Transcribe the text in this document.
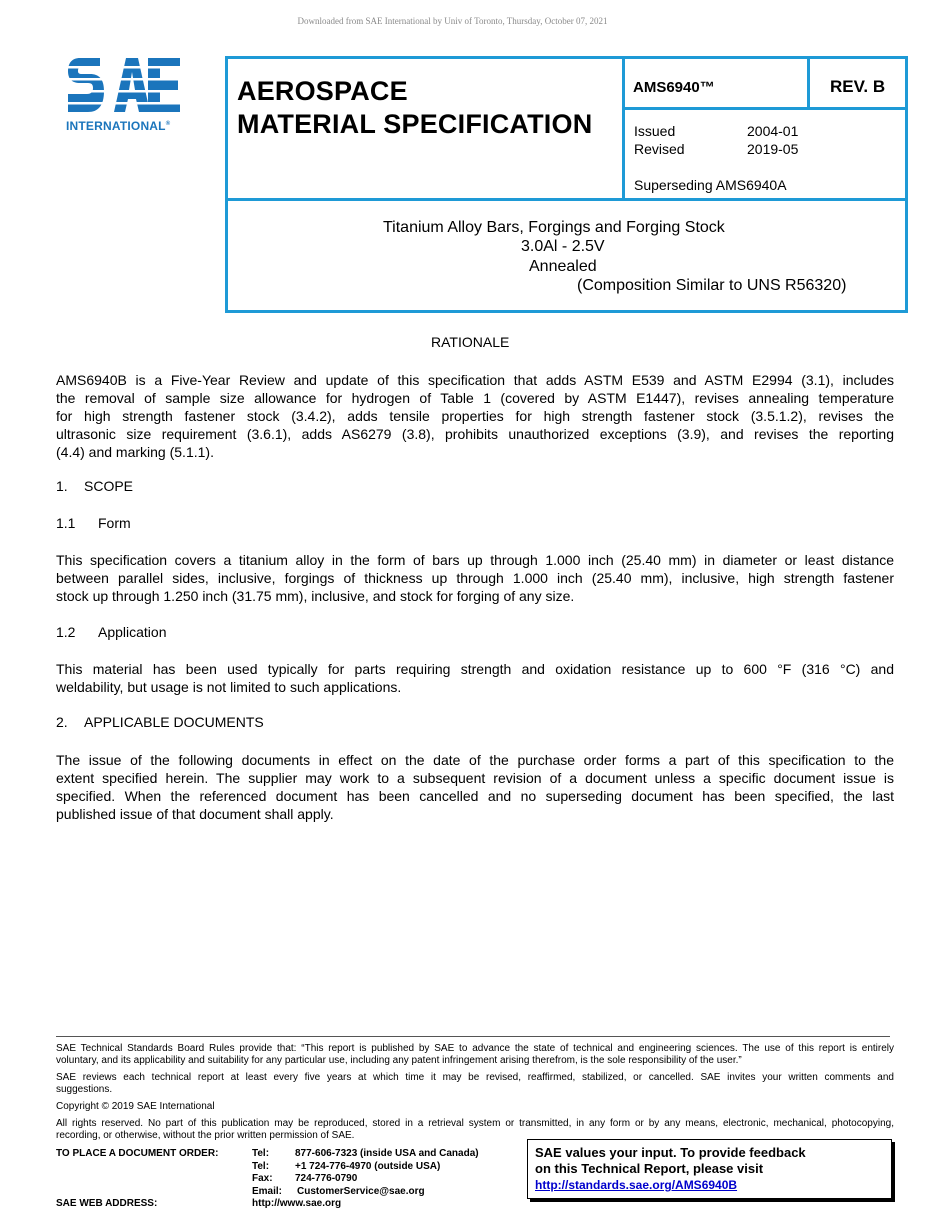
Downloaded from SAE International by Univ of Toronto, Thursday, October 07, 2021
INTERNATIONAL®
AEROSPACE
MATERIAL SPECIFICATION
AMS6940™	REV. B
Issued	2004-01
Revised	2019-05
Superseding AMS6940A
Titanium Alloy Bars, Forgings and Forging Stock
3.0Al - 2.5V
Annealed
(Composition Similar to UNS R56320)
RATIONALE
AMS6940B is a Five-Year Review and update of this specification that adds ASTM E539 and ASTM E2994 (3.1), includes
the removal of sample size allowance for hydrogen of Table 1 (covered by ASTM E1447), revises annealing temperature
for high strength fastener stock (3.4.2), adds tensile properties for high strength fastener stock (3.5.1.2), revises the
ultrasonic size requirement (3.6.1), adds AS6279 (3.8), prohibits unauthorized exceptions (3.9), and revises the reporting
(4.4) and marking (5.1.1).
1. SCOPE
1.1 Form
This specification covers a titanium alloy in the form of bars up through 1.000 inch (25.40 mm) in diameter or least distance
between parallel sides, inclusive, forgings of thickness up through 1.000 inch (25.40 mm), inclusive, high strength fastener
stock up through 1.250 inch (31.75 mm), inclusive, and stock for forging of any size.
1.2 Application
This material has been used typically for parts requiring strength and oxidation resistance up to 600 °F (316 °C) and
weldability, but usage is not limited to such applications.
2. APPLICABLE DOCUMENTS
The issue of the following documents in effect on the date of the purchase order forms a part of this specification to the
extent specified herein. The supplier may work to a subsequent revision of a document unless a specific document issue is
specified. When the referenced document has been cancelled and no superseding document has been specified, the last
published issue of that document shall apply.
SAE Technical Standards Board Rules provide that: “This report is published by SAE to advance the state of technical and engineering sciences. The use of this report is entirely
voluntary, and its applicability and suitability for any particular use, including any patent infringement arising therefrom, is the sole responsibility of the user.”
SAE reviews each technical report at least every five years at which time it may be revised, reaffirmed, stabilized, or cancelled. SAE invites your written comments and
suggestions.
Copyright © 2019 SAE International
All rights reserved. No part of this publication may be reproduced, stored in a retrieval system or transmitted, in any form or by any means, electronic, mechanical, photocopying,
recording, or otherwise, without the prior written permission of SAE.
TO PLACE A DOCUMENT ORDER:	Tel:	877-606-7323 (inside USA and Canada)
Tel:	+1 724-776-4970 (outside USA)
Fax: 724-776-0790
Email: CustomerService@sae.org
SAE WEB ADDRESS:	http://www.sae.org
SAE values your input. To provide feedback
on this Technical Report, please visit
http://standards.sae.org/AMS6940B
